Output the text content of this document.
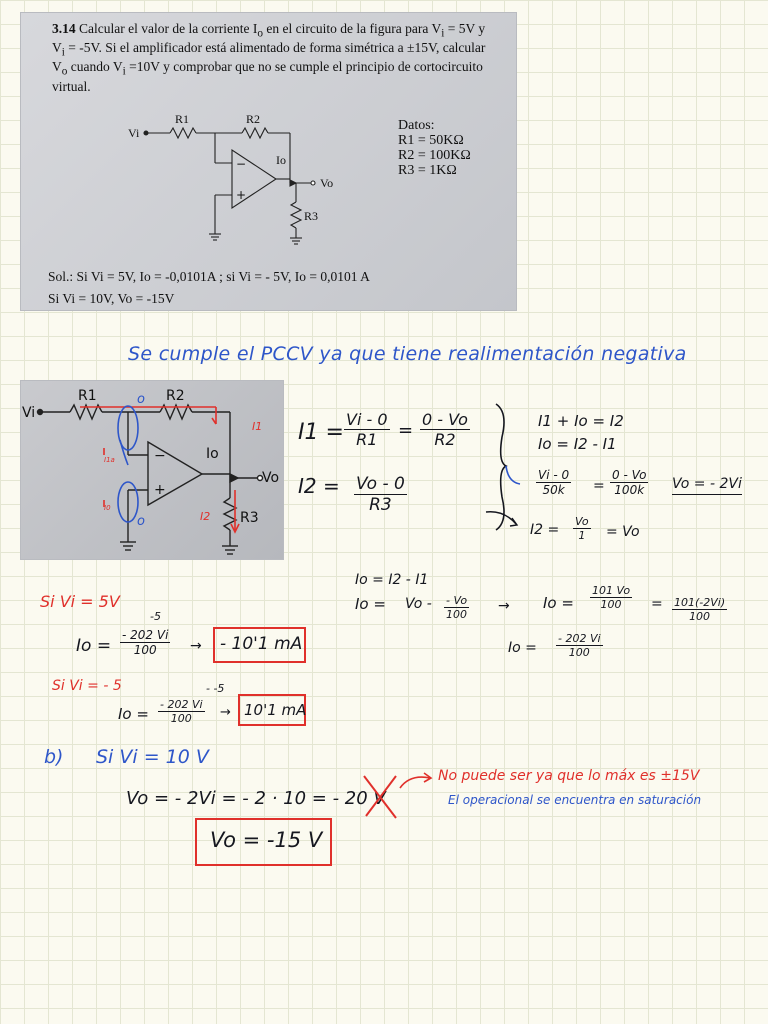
3.14 Calcular el valor de la corriente $I_o$ en el circuito de la figura para $V_i = 5V$ y $V_i = -5V$. Si el amplificador está alimentado de forma simétrica a ±15V, calcular $V_o$ cuando $V_i =10V$ y comprobar que no se cumple el principio de cortocircuito virtual.
Vi
R1	R2
Io
Vo
R3
−
+
Datos:
R1 = 50KΩ
R2 = 100KΩ
R3 = 1KΩ
Sol.: Si Vi = 5V, Io = -0,0101A ; si Vi = - 5V, Io = 0,0101 A
Si Vi = 10V, Vo = -15V
Se cumple el PCCV ya que tiene realimentación negativa
Vi
R1	R2
Io
Vo
R3
−
+
o
o
I1
I2
I1a
I0
$I1 = \frac{Vi - 0}{R1} = \frac{0 - Vo}{R2}$
$I2 = \frac{Vo - 0}{R3}$
I1 + Io = I2
Io = I2 - I1
$\frac{Vi - 0}{50k} = \frac{0 - Vo}{100k}$ Vo = - 2Vi
$I2 = \frac{Vo}{1} = Vo$
Io = I2 - I1
$Io = Vo - \frac{- Vo}{100} \to Io = \frac{101 Vo}{100} = \frac{101(-2Vi)}{100}$
$Io = \frac{- 202 Vi}{100}$
Si Vi = 5V
-5
$Io = \frac{- 202 Vi}{100}$ → - 10'1 mA
Si Vi = - 5	- -5
$Io = \frac{- 202 Vi}{100} \to 10'1$ mA
b) Si Vi = 10 V
Vo = - 2Vi = - 2 · 10 = - 20 V
No puede ser ya que lo máx es ±15V
El operacional se encuentra en saturación
Vo = -15 V
